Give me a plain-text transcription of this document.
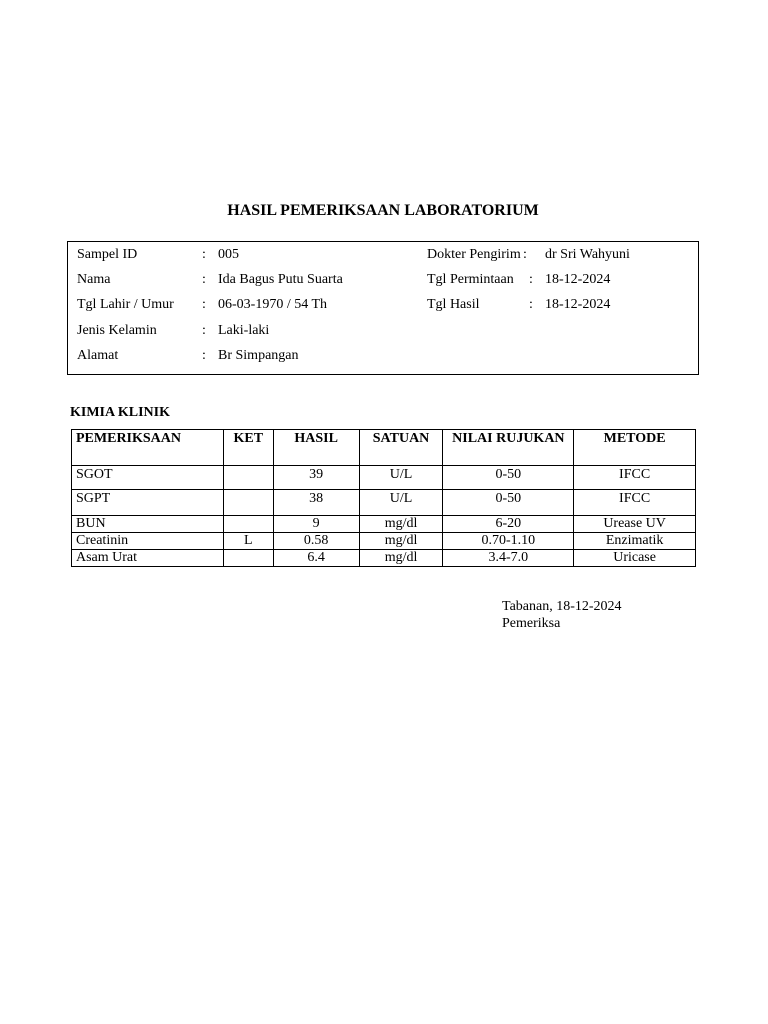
HASIL PEMERIKSAAN LABORATORIUM
Sampel ID	: 005	Dokter Pengirim : dr Sri Wahyuni
Nama	: Ida Bagus Putu Suarta	Tgl Permintaan : 18-12-2024
Tgl Lahir / Umur : 06-03-1970 / 54 Th	Tgl Hasil	: 18-12-2024
Jenis Kelamin	: Laki-laki
Alamat	: Br Simpangan
KIMIA KLINIK
PEMERIKSAAN	KET	HASIL	SATUAN	NILAI RUJUKAN	METODE
SGOT		39	U/L	0-50	IFCC
SGPT		38	U/L	0-50	IFCC
BUN		9	mg/dl	6-20	Urease UV
Creatinin	L	0.58	mg/dl	0.70-1.10	Enzimatik
Asam Urat		6.4	mg/dl	3.4-7.0	Uricase
Tabanan, 18-12-2024
Pemeriksa
